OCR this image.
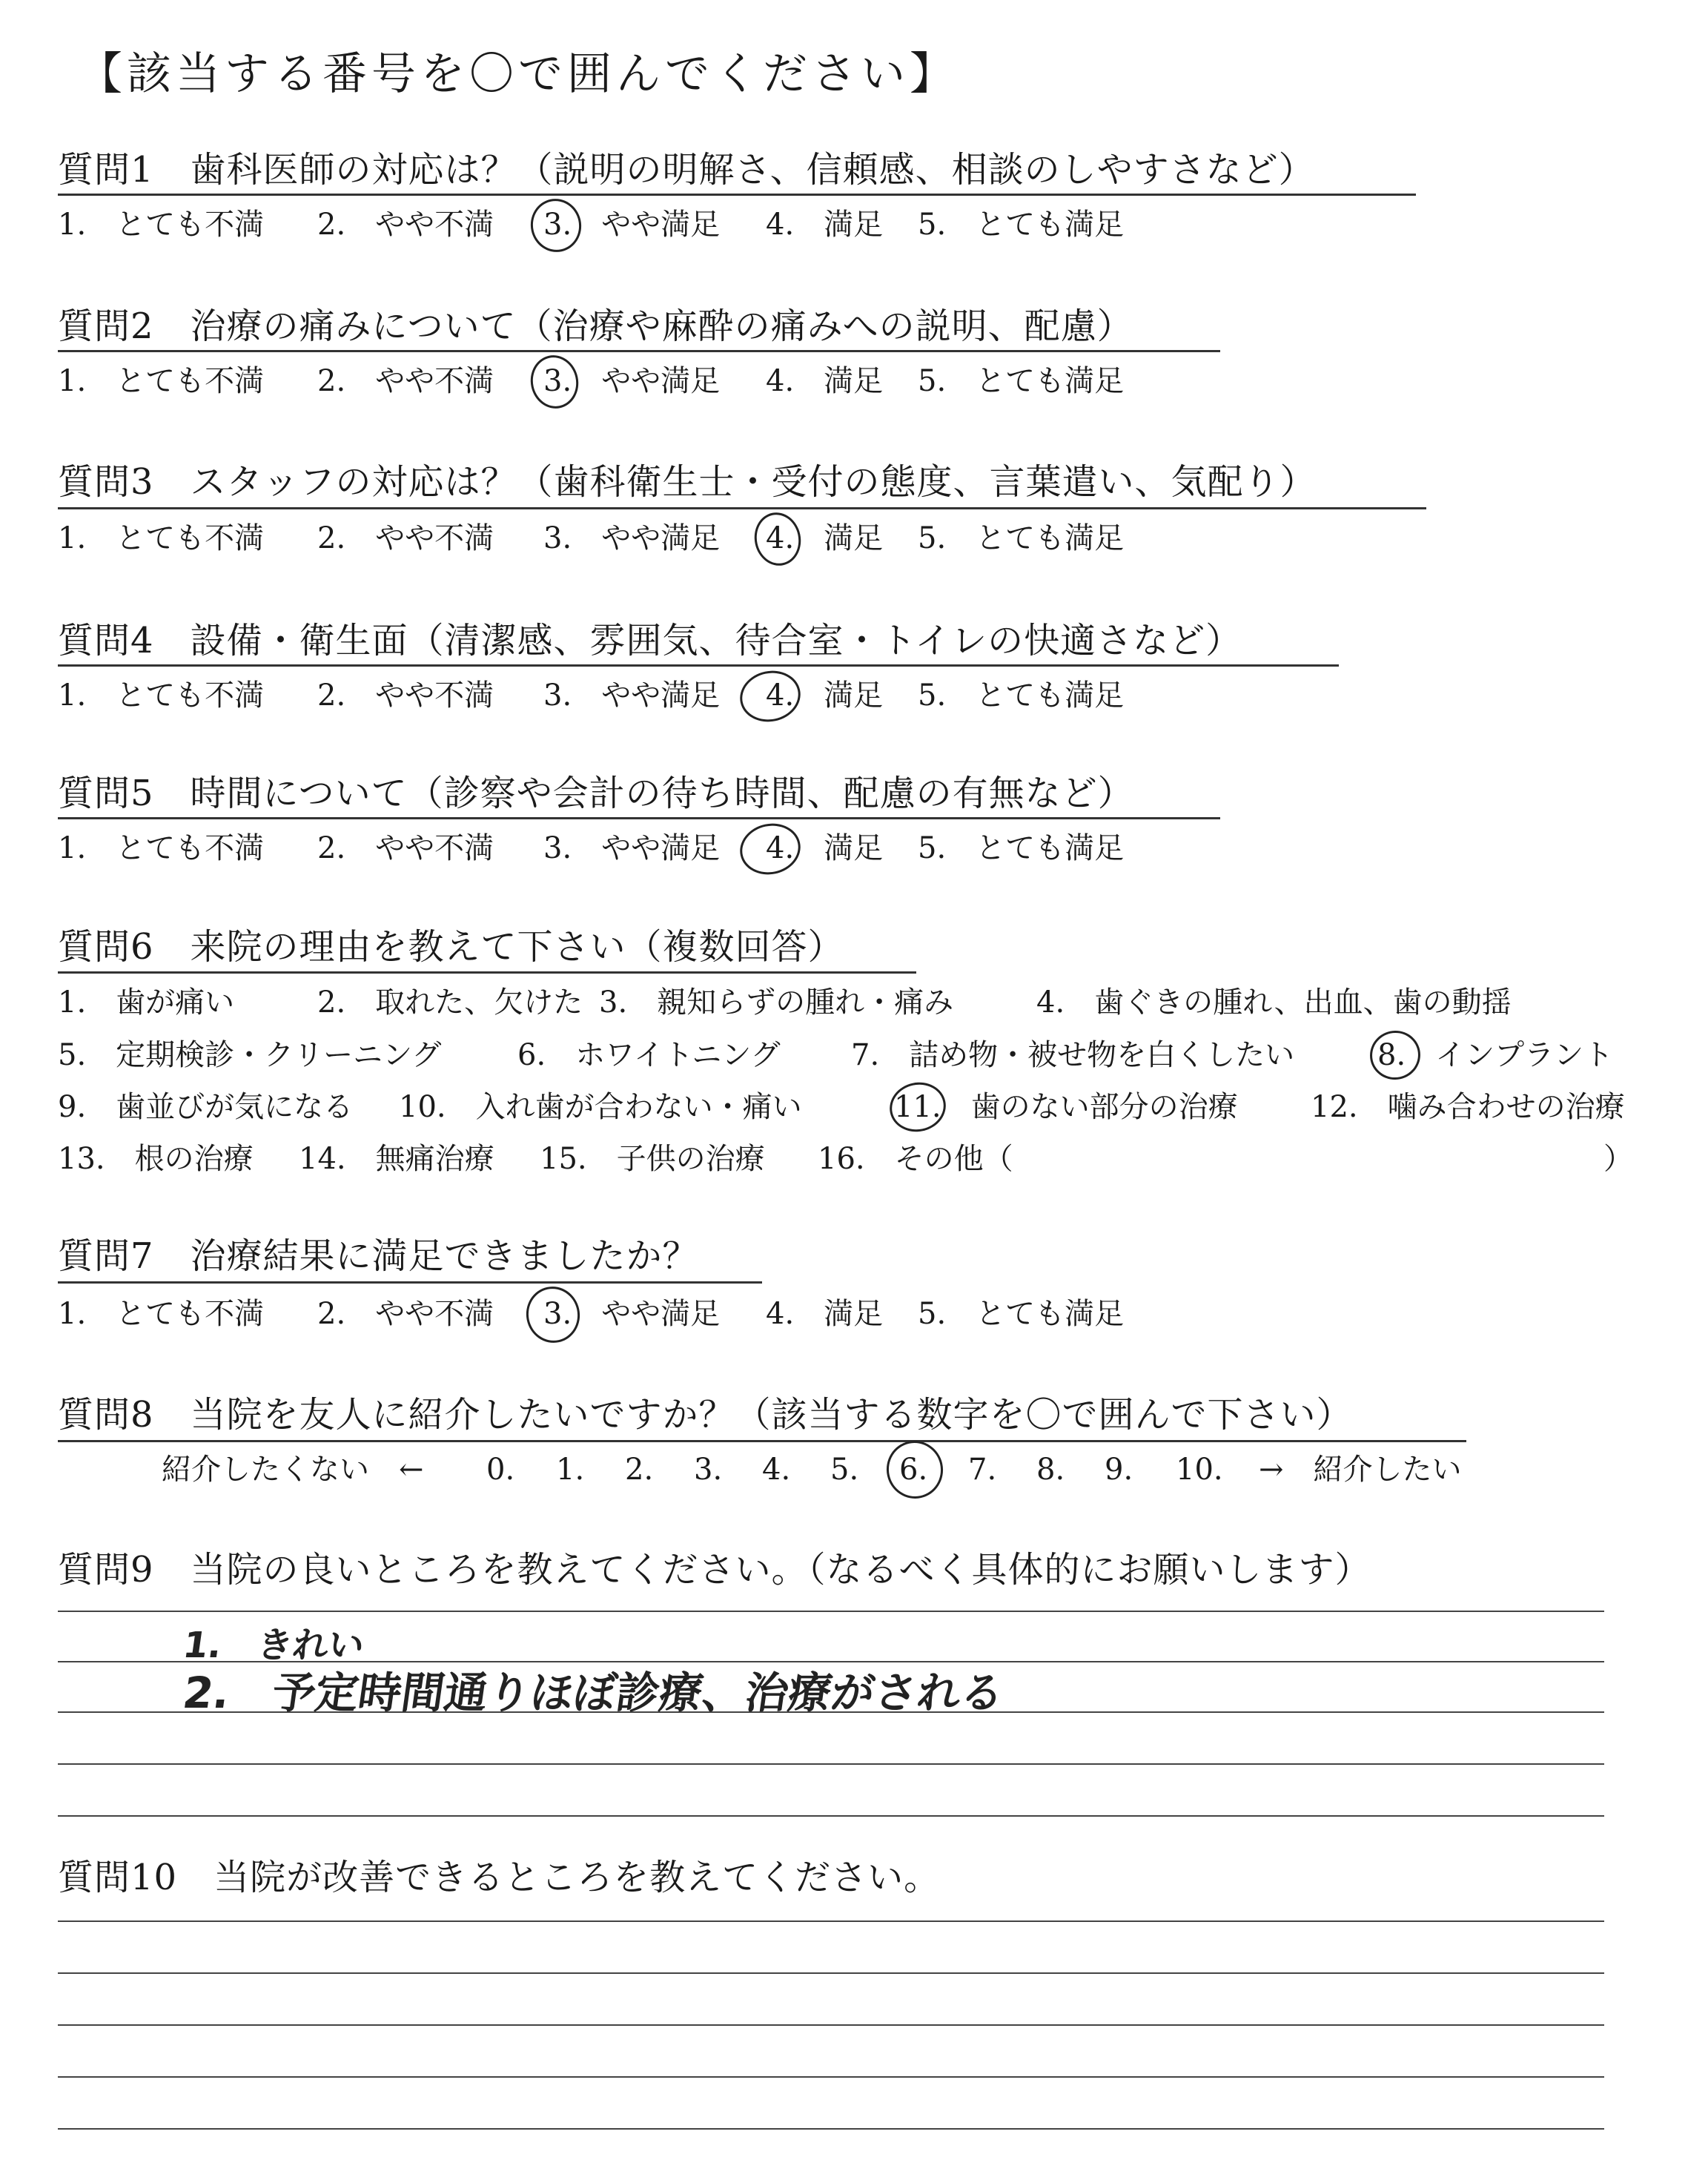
【該当する番号を〇で囲んでください】
質問1　歯科医師の対応は？（説明の明解さ、信頼感、相談のしやすさなど）
1.　とても不満 2.　やや不満 3.　やや満足 4.　満足 5.　とても満足
質問2　治療の痛みについて（治療や麻酔の痛みへの説明、配慮）
1.　とても不満 2.　やや不満 3.　やや満足 4.　満足 5.　とても満足
質問3　スタッフの対応は？（歯科衛生士・受付の態度、言葉遣い、気配り）
1.　とても不満 2.　やや不満 3.　やや満足 4.　満足 5.　とても満足
質問4　設備・衛生面（清潔感、雰囲気、待合室・トイレの快適さなど）
1.　とても不満 2.　やや不満 3.　やや満足 4.　満足 5.　とても満足
質問5　時間について（診察や会計の待ち時間、配慮の有無など）
1.　とても不満 2.　やや不満 3.　やや満足 4.　満足 5.　とても満足
質問6　来院の理由を教えて下さい（複数回答）
1.　歯が痛い	2.　取れた、欠けた 3.　親知らずの腫れ・痛み	4.　歯ぐきの腫れ、出血、歯の動揺
5.　定期検診・クリーニング	6.　ホワイトニング 7.　詰め物・被せ物を白くしたい	8.　インプラント
9.　歯並びが気になる 10.　入れ歯が合わない・痛い	11.　歯のない部分の治療 12.　噛み合わせの治療
13.　根の治療 14.　無痛治療 15.　子供の治療 16.　その他（	）
質問7　治療結果に満足できましたか？
1.　とても不満 2.　やや不満 3.　やや満足 4.　満足 5.　とても満足
質問8　当院を友人に紹介したいですか？（該当する数字を〇で囲んで下さい）
紹介したくない　← 0. 1. 2. 3. 4. 5. 6. 7. 8. 9. 10. →　紹介したい
質問9　当院の良いところを教えてください。（なるべく具体的にお願いします）
1.　きれい
2.　予定時間通りほぼ診療、治療がされる
質問10　当院が改善できるところを教えてください。
